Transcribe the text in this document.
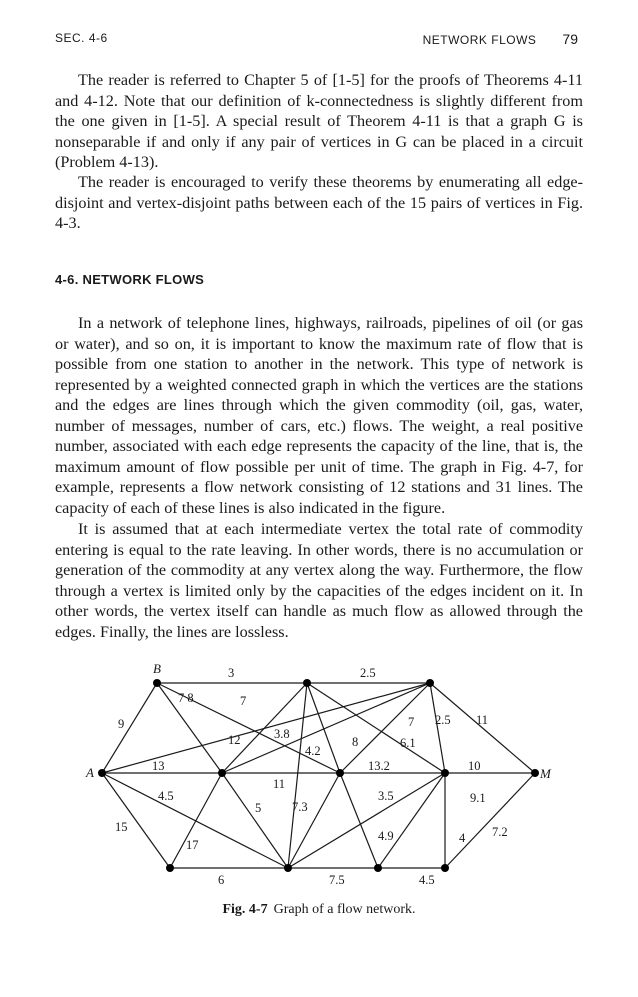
SEC. 4-6	NETWORK FLOWS 79

The reader is referred to Chapter 5 of [1-5] for the proofs of Theorems 4-11 and 4-12. Note that our definition of k-connectedness is slightly different from the one given in [1-5]. A special result of Theorem 4-11 is that a graph G is nonseparable if and only if any pair of vertices in G can be placed in a circuit (Problem 4-13).

The reader is encouraged to verify these theorems by enumerating all edge-disjoint and vertex-disjoint paths between each of the 15 pairs of vertices in Fig. 4-3.

4-6. NETWORK FLOWS

In a network of telephone lines, highways, railroads, pipelines of oil (or gas or water), and so on, it is important to know the maximum rate of flow that is possible from one station to another in the network. This type of network is represented by a weighted connected graph in which the vertices are the stations and the edges are lines through which the given commodity (oil, gas, water, number of messages, number of cars, etc.) flows. The weight, a real positive number, associated with each edge represents the capacity of the line, that is, the maximum amount of flow possible per unit of time. The graph in Fig. 4-7, for example, represents a flow network consisting of 12 stations and 31 lines. The capacity of each of these lines is also indicated in the figure.

It is assumed that at each intermediate vertex the total rate of commodity entering is equal to the rate leaving. In other words, there is no accumulation or generation of the commodity at any vertex along the way. Furthermore, the flow through a vertex is limited only by the capacities of the edges incident on it. In other words, the vertex itself can handle as much flow as allowed through the edges. Finally, the lines are lossless.

B
A	M
3	2.5
7 8	7
9
12	3.8
4.2
8
7 2.5 11
6.1
13
11
13.2	10
4.5
5 7.3
3.5	9.1
15
17
4.9	4 7.2
6	7.5	4.5
Fig. 4-7 Graph of a flow network.
